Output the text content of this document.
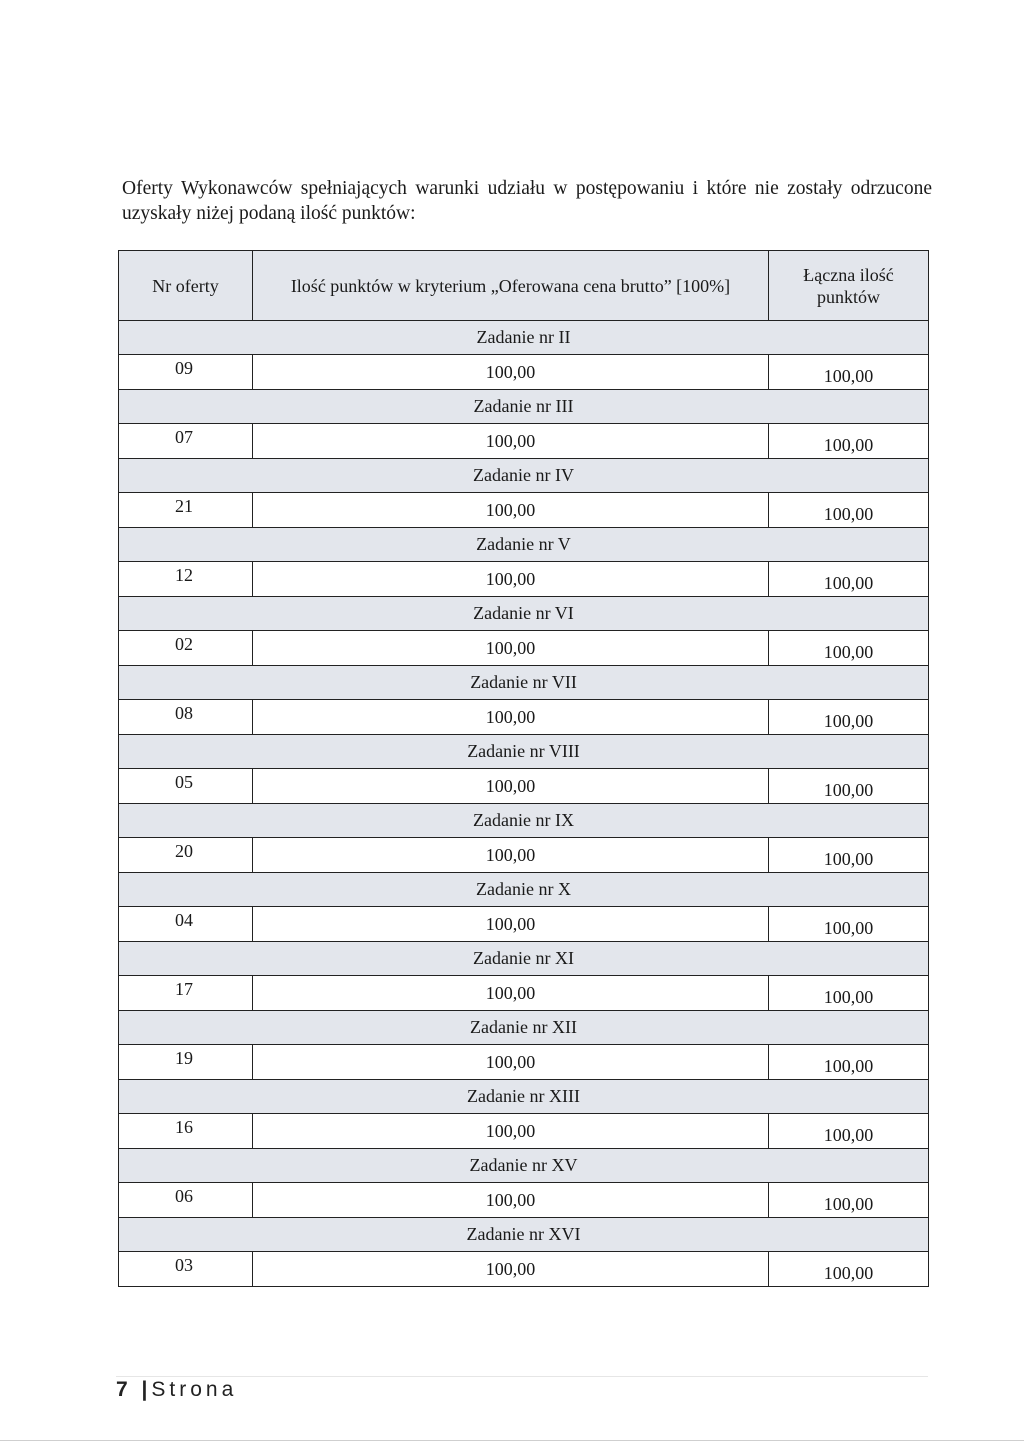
Oferty Wykonawców spełniających warunki udziału w postępowaniu i które nie zostały odrzucone uzyskały niżej podaną ilość punktów:

Nr oferty	Ilość punktów w kryterium „Oferowana cena brutto” [100%]	Łączna ilość punktów
Zadanie nr II		
09	100,00	100,00
Zadanie nr III		
07	100,00	100,00
Zadanie nr IV		
21	100,00	100,00
Zadanie nr V		
12	100,00	100,00
Zadanie nr VI		
02	100,00	100,00
Zadanie nr VII		
08	100,00	100,00
Zadanie nr VIII		
05	100,00	100,00
Zadanie nr IX		
20	100,00	100,00
Zadanie nr X		
04	100,00	100,00
Zadanie nr XI		
17	100,00	100,00
Zadanie nr XII		
19	100,00	100,00
Zadanie nr XIII		
16	100,00	100,00
Zadanie nr XV		
06	100,00	100,00
Zadanie nr XVI		
03	100,00	100,00
7 |Strona
